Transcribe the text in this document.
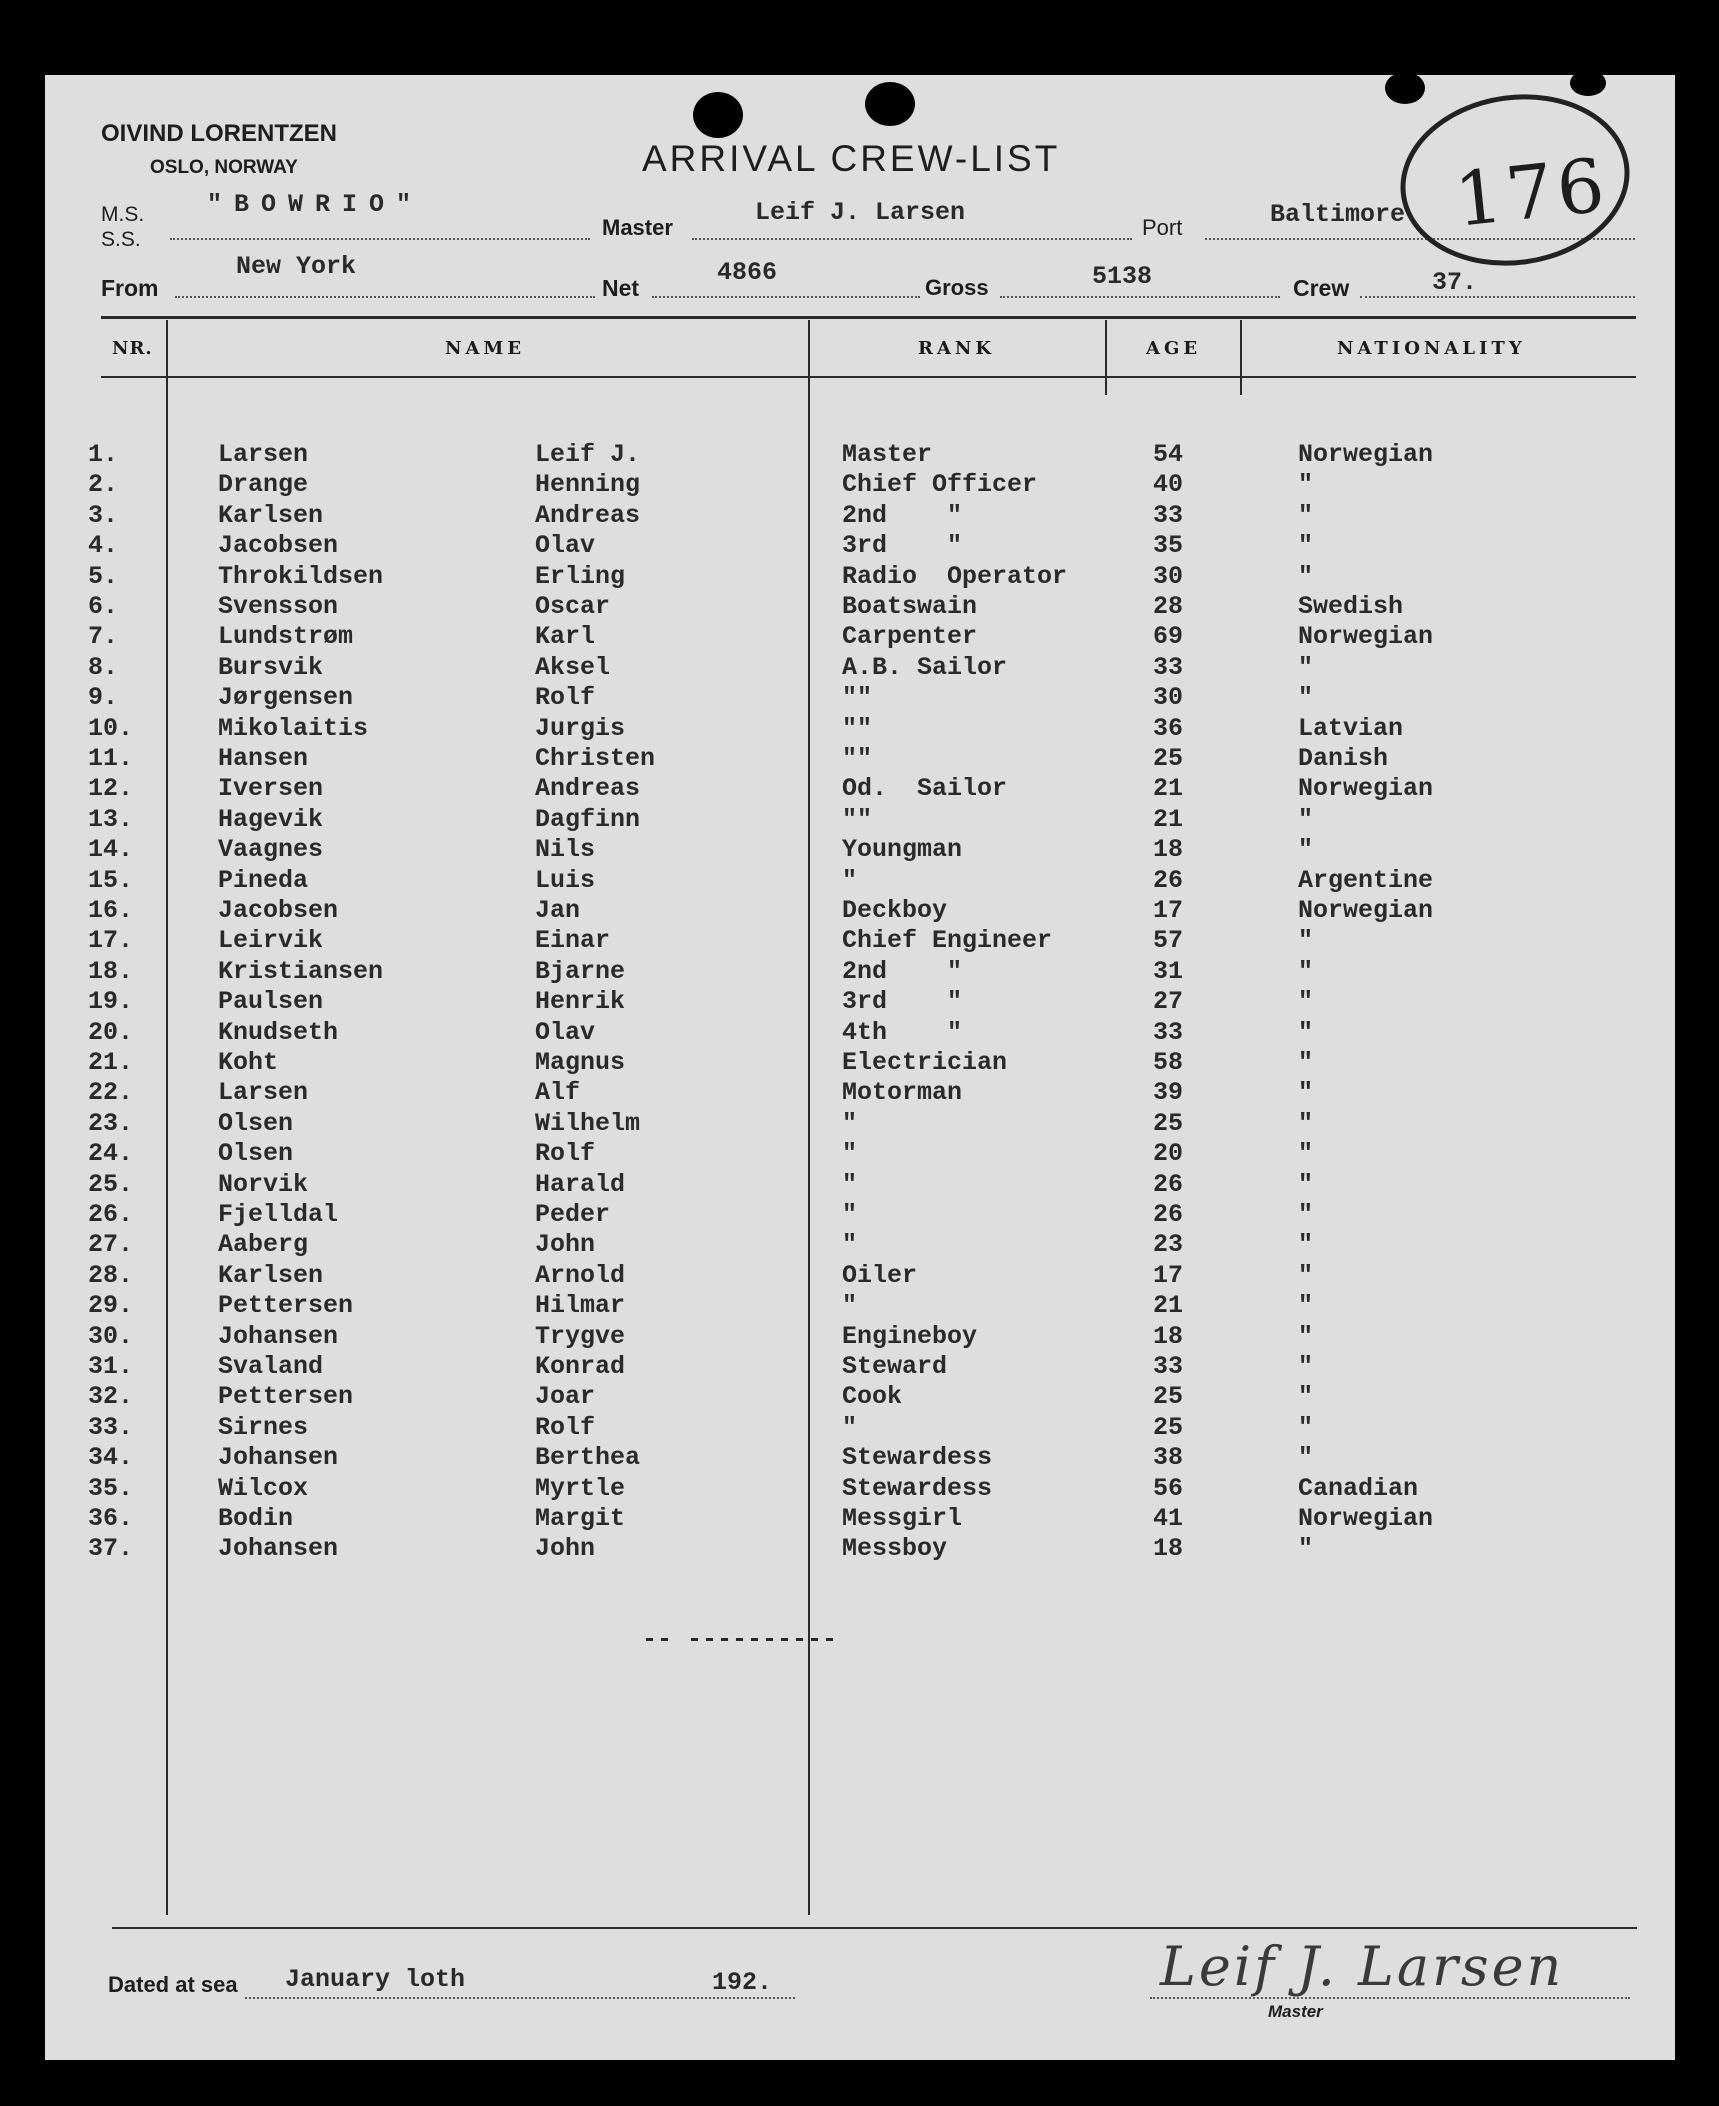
OIVIND LORENTZEN
OSLO, NORWAY	ARRIVAL CREW-LIST
M.S.
S.S.
"BOWRIO"
Master
Leif J. Larsen
Port	Baltimore
From
New York
Net
4866
Gross	5138	Crew	37.
176
NR.	NAME	RANK	AGE	NATIONALITY
1.	Larsen	Leif J.	Master	54	Norwegian
2.	Drange	Henning	Chief Officer	40	"
3.	Karlsen	Andreas	2nd    "	33	"
4.	Jacobsen	Olav	3rd    "	35	"
5.	Throkildsen	Erling	Radio  Operator	30	"
6.	Svensson	Oscar	Boatswain	28	Swedish
7.	Lundstrøm	Karl	Carpenter	69	Norwegian
8.	Bursvik	Aksel	A.B. Sailor	33	"
9.	Jørgensen	Rolf	""	30	"
10.	Mikolaitis	Jurgis	""	36	Latvian
11.	Hansen	Christen	""	25	Danish
12.	Iversen	Andreas	Od.  Sailor	21	Norwegian
13.	Hagevik	Dagfinn	""	21	"
14.	Vaagnes	Nils	Youngman	18	"
15.	Pineda	Luis	"	26	Argentine
16.	Jacobsen	Jan	Deckboy	17	Norwegian
17.	Leirvik	Einar	Chief Engineer	57	"
18.	Kristiansen	Bjarne	2nd    "	31	"
19.	Paulsen	Henrik	3rd    "	27	"
20.	Knudseth	Olav	4th    "	33	"
21.	Koht	Magnus	Electrician	58	"
22.	Larsen	Alf	Motorman	39	"
23.	Olsen	Wilhelm	"	25	"
24.	Olsen	Rolf	"	20	"
25.	Norvik	Harald	"	26	"
26.	Fjelldal	Peder	"	26	"
27.	Aaberg	John	"	23	"
28.	Karlsen	Arnold	Oiler	17	"
29.	Pettersen	Hilmar	"	21	"
30.	Johansen	Trygve	Engineboy	18	"
31.	Svaland	Konrad	Steward	33	"
32.	Pettersen	Joar	Cook	25	"
33.	Sirnes	Rolf	"	25	"
34.	Johansen	Berthea	Stewardess	38	"
35.	Wilcox	Myrtle	Stewardess	56	Canadian
36.	Bodin	Margit	Messgirl	41	Norwegian
37.	Johansen	John	Messboy	18	"
-- ----------
Dated at sea January loth	192.	Leif J. Larsen
Master
